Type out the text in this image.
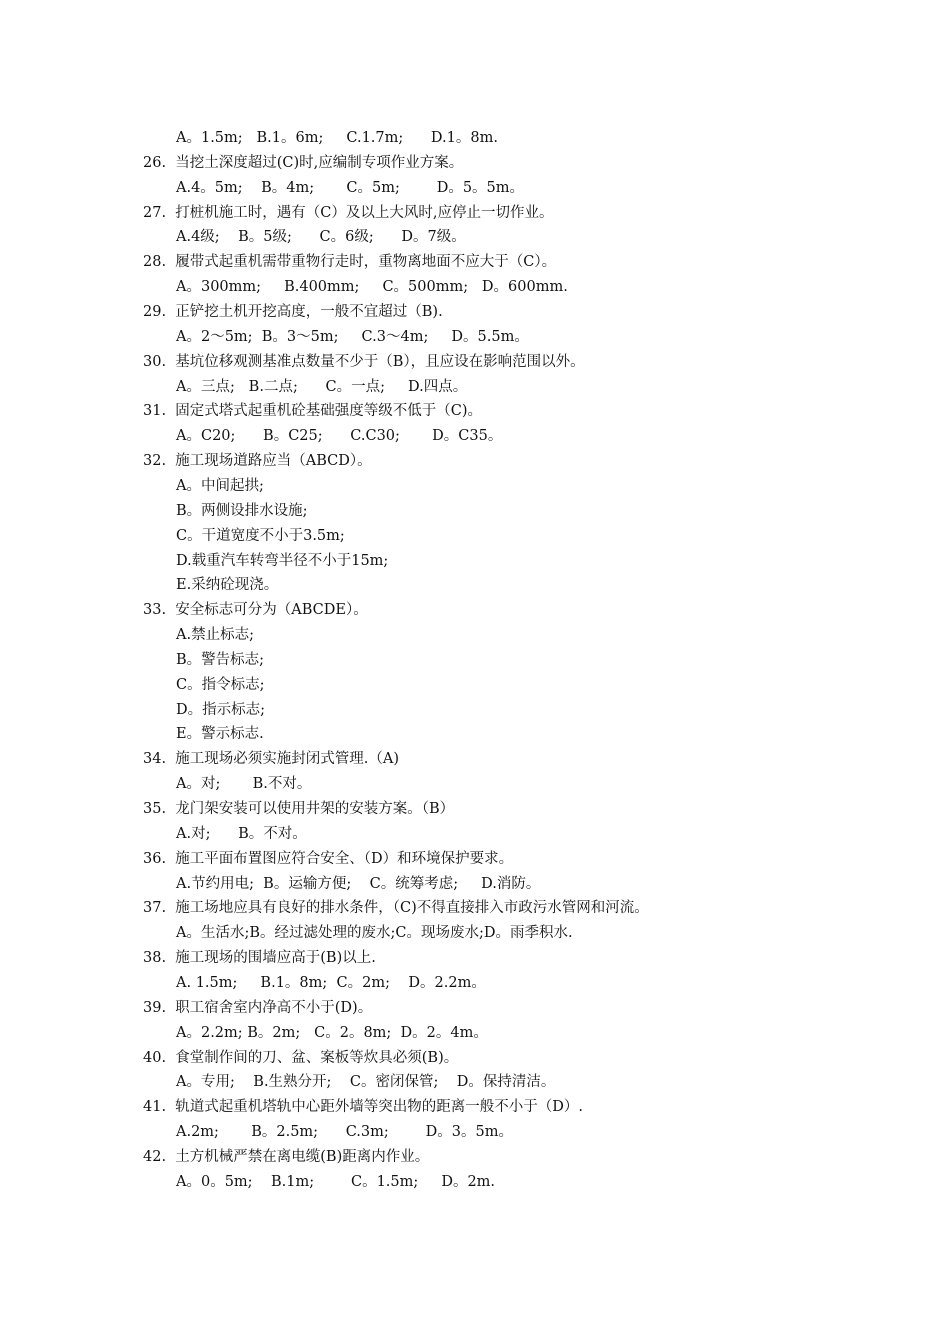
A。1.5m;   B.1。6m;     C.1.7m;      D.1。8m.
26.  当挖土深度超过(C)时,应编制专项作业方案。
A.4。5m;    B。4m;       C。5m;        D。5。5m。
27.  打桩机施工时，遇有（C）及以上大风时,应停止一切作业。
A.4级;    B。5级;      C。6级;      D。7级。
28.  履带式起重机需带重物行走时，重物离地面不应大于（C）。
A。300mm;     B.400mm;     C。500mm;   D。600mm.
29.  正铲挖土机开挖高度，一般不宜超过（B).
A。2～5m;  B。3～5m;     C.3～4m;     D。5.5m。
30.  基坑位移观测基准点数量不少于（B），且应设在影响范围以外。
A。三点;   B.二点;      C。一点;     D.四点。
31.  固定式塔式起重机砼基础强度等级不低于（C)。
A。C20;      B。C25;      C.C30;       D。C35。
32.  施工现场道路应当（ABCD）。
A。中间起拱;
B。两侧设排水设施;
C。干道宽度不小于3.5m;
D.载重汽车转弯半径不小于15m;
E.采纳砼现浇。
33.  安全标志可分为（ABCDE）。
A.禁止标志;
B。警告标志;
C。指令标志;
D。指示标志;
E。警示标志.
34.  施工现场必须实施封闭式管理.（A)
A。对;       B.不对。
35.  龙门架安装可以使用井架的安装方案。（B）
A.对;      B。不对。
36.  施工平面布置图应符合安全、（D）和环境保护要求。
A.节约用电;  B。运输方便;    C。统筹考虑;     D.消防。
37.  施工场地应具有良好的排水条件，（C)不得直接排入市政污水管网和河流。
A。生活水;B。经过滤处理的废水;C。现场废水;D。雨季积水.
38.  施工现场的围墙应高于(B)以上.
A. 1.5m;     B.1。8m;  C。2m;    D。2.2m。
39.  职工宿舍室内净高不小于(D)。
A。2.2m; B。2m;   C。2。8m;  D。2。4m。
40.  食堂制作间的刀、盆、案板等炊具必须(B)。
A。专用;    B.生熟分开;    C。密闭保管;    D。保持清洁。
41.  轨道式起重机塔轨中心距外墙等突出物的距离一般不小于（D）.
A.2m;       B。2.5m;      C.3m;        D。3。5m。
42.  土方机械严禁在离电缆(B)距离内作业。
A。0。5m;    B.1m;        C。1.5m;     D。2m.
